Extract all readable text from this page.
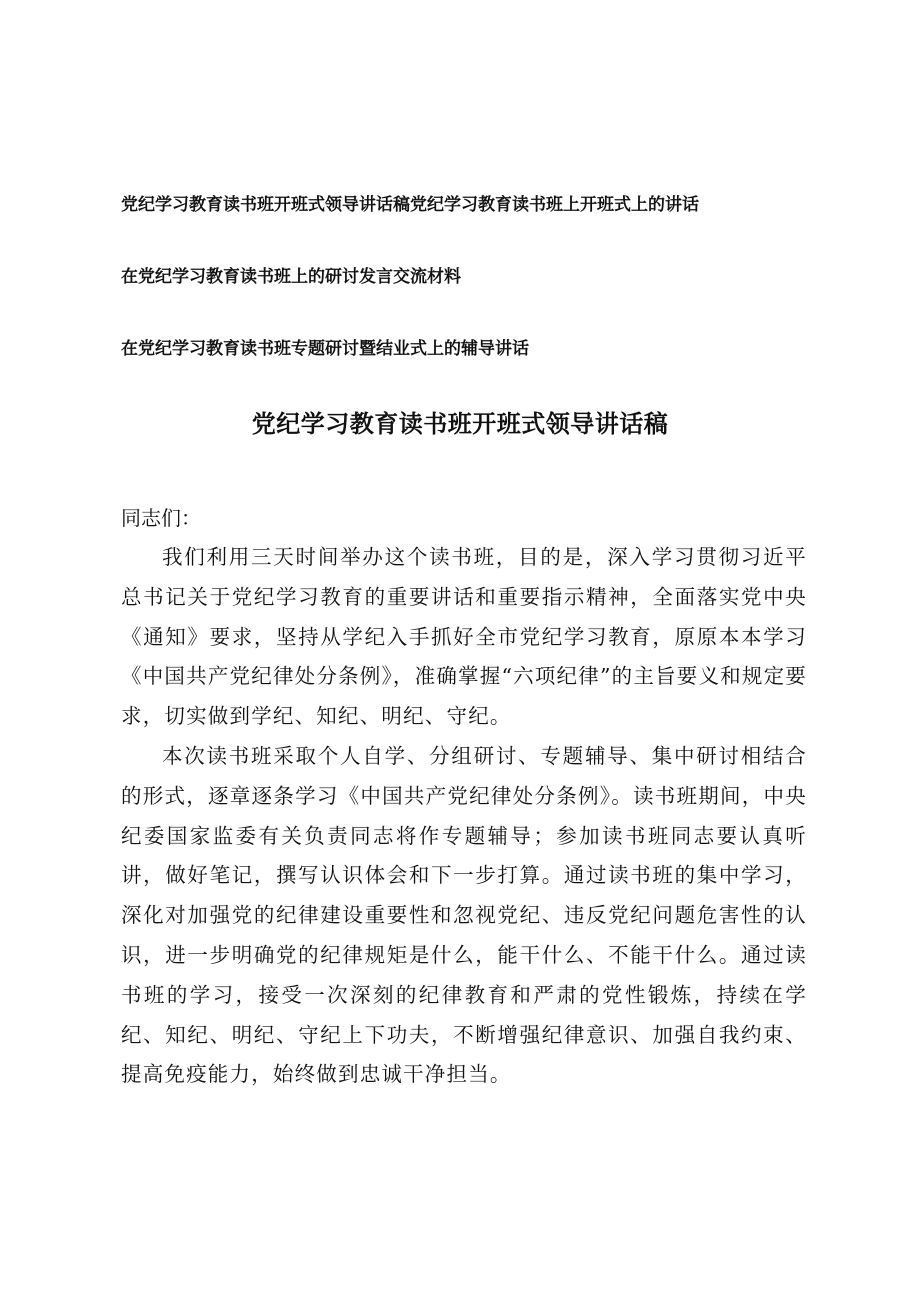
党纪学习教育读书班开班式领导讲话稿党纪学习教育读书班上开班式上的讲话

在党纪学习教育读书班上的研讨发言交流材料

在党纪学习教育读书班专题研讨暨结业式上的辅导讲话

党纪学习教育读书班开班式领导讲话稿

同志们：

我们利用三天时间举办这个读书班，目的是，深入学习贯彻习近平总书记关于党纪学习教育的重要讲话和重要指示精神，全面落实党中央《通知》要求，坚持从学纪入手抓好全市党纪学习教育，原原本本学习《中国共产党纪律处分条例》，准确掌握“六项纪律”的主旨要义和规定要求，切实做到学纪、知纪、明纪、守纪。

本次读书班采取个人自学、分组研讨、专题辅导、集中研讨相结合的形式，逐章逐条学习《中国共产党纪律处分条例》。读书班期间，中央纪委国家监委有关负责同志将作专题辅导；参加读书班同志要认真听讲，做好笔记，撰写认识体会和下一步打算。通过读书班的集中学习，深化对加强党的纪律建设重要性和忽视党纪、违反党纪问题危害性的认识，进一步明确党的纪律规矩是什么，能干什么、不能干什么。通过读书班的学习，接受一次深刻的纪律教育和严肃的党性锻炼，持续在学纪、知纪、明纪、守纪上下功夫，不断增强纪律意识、加强自我约束、提高免疫能力，始终做到忠诚干净担当。
